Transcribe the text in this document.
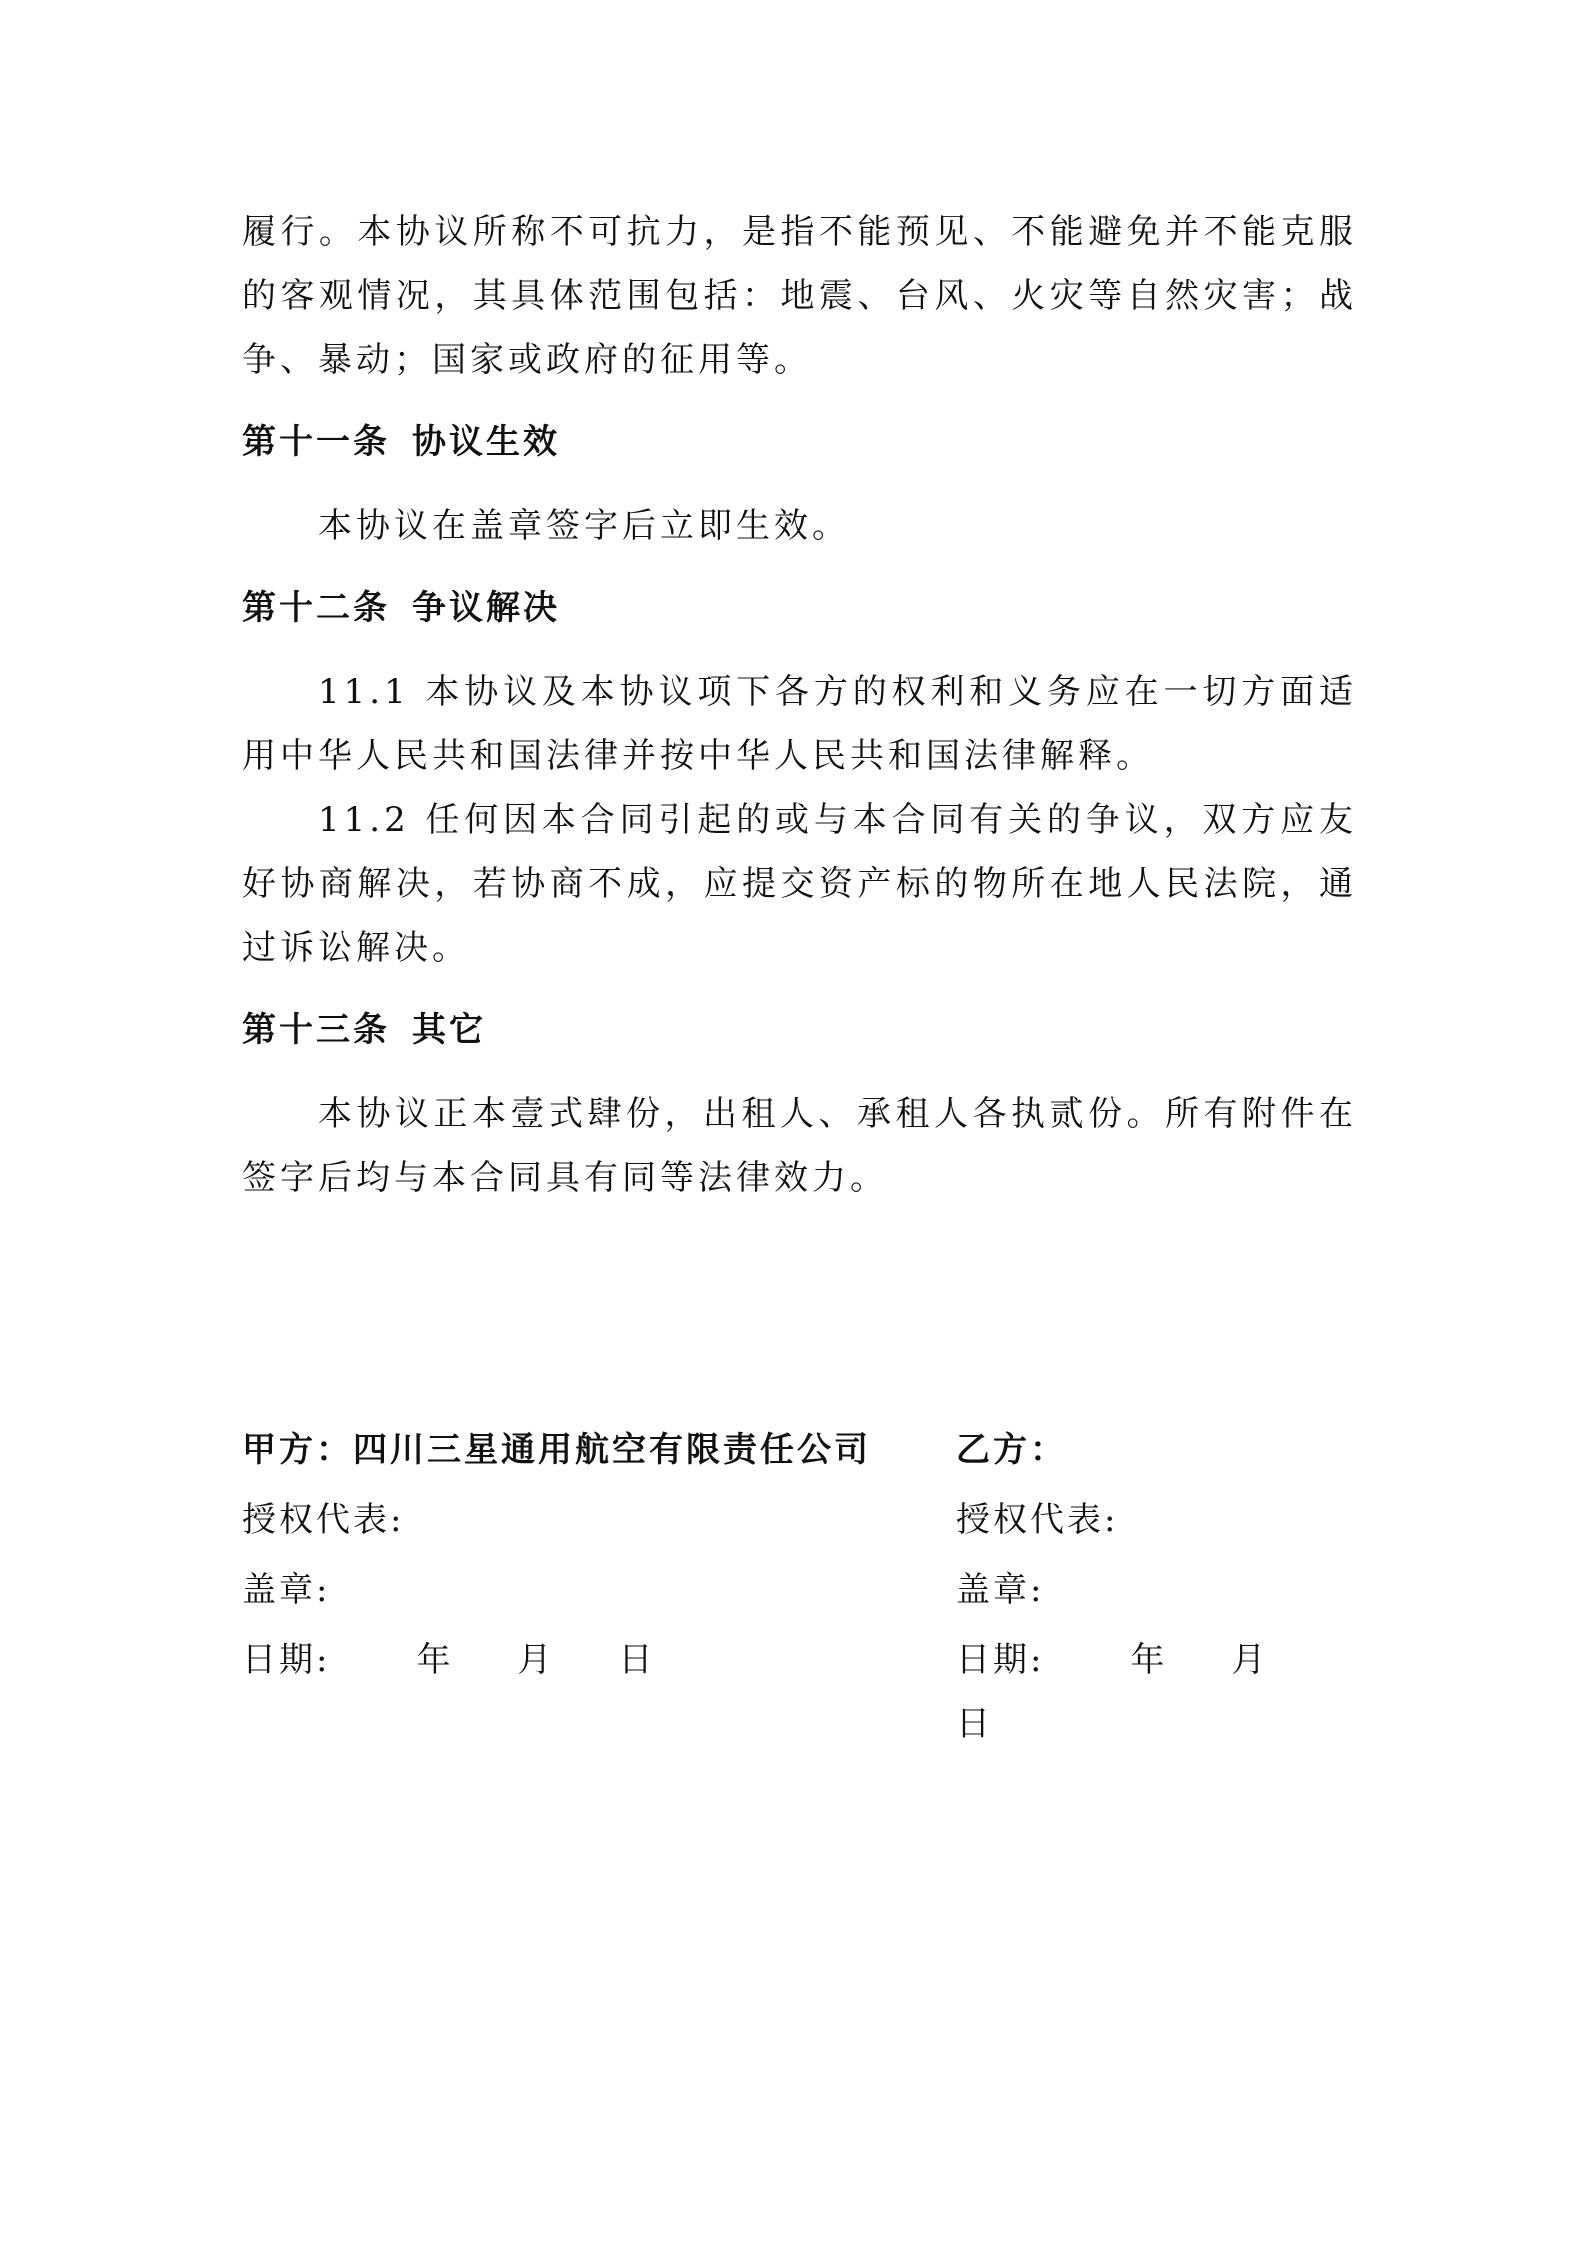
履行。本协议所称不可抗力，是指不能预见、不能避免并不能克服的客观情况，其具体范围包括：地震、台风、火灾等自然灾害；战争、暴动；国家或政府的征用等。

第十一条 协议生效

本协议在盖章签字后立即生效。

第十二条 争议解决

11.1 本协议及本协议项下各方的权利和义务应在一切方面适用中华人民共和国法律并按中华人民共和国法律解释。

11.2 任何因本合同引起的或与本合同有关的争议，双方应友好协商解决，若协商不成，应提交资产标的物所在地人民法院，通过诉讼解决。

第十三条 其它

本协议正本壹式肆份，出租人、承租人各执贰份。所有附件在签字后均与本合同具有同等法律效力。

甲方：四川三星通用航空有限责任公司	乙方：
授权代表:	授权代表:
盖章:	盖章:
日期:	年 月 日	日期:	年 月日
